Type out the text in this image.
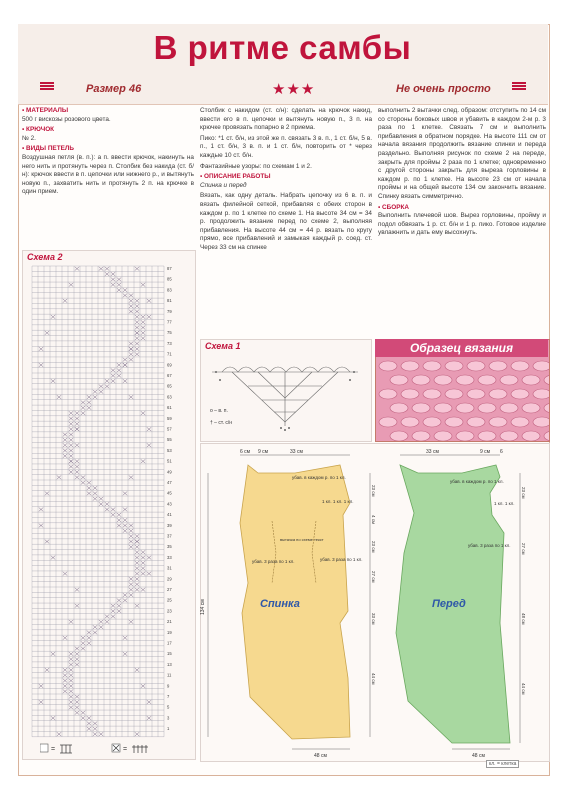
В ритме самбы
Размер 46	★★★	Не очень просто
▪ МАТЕРИАЛЫ
500 г вискозы розового цвета.
▪ КРЮЧОК
№ 2.
▪ ВИДЫ ПЕТЕЛЬ
Воздушная петля (в. п.): а п. ввести крючок, накинуть на него нить и протянуть через п. Столбик без накида (ст. б/н): крючок ввести в п. цепочки или нижнего р., и вытянуть новую п., захватить нить и протянуть 2 п. на крючке в один прием.
Столбик с накидом (ст. с/н): сделать на крючок накид, ввести его в п. цепочки и вытянуть новую п., 3 п. на крючке провязать попарно в 2 приема.
Пико: *1 ст. б/н, из этой же п. связать 3 в. п., 1 ст. б/н, 5 в. п., 1 ст. б/н, 3 в. п. и 1 ст. б/н, повторить от * через каждые 10 ст. б/н.
Фантазийные узоры: по схемам 1 и 2.
▪ ОПИСАНИЕ РАБОТЫ
Спинка и перед
Вязать, как одну деталь. Набрать цепочку из 6 в. п. и вязать филейной сеткой, прибавляя с обеих сторон в каждом р. по 1 клетке по схеме 1. На высоте 34 см = 34 р. продолжить вязание перед по схеме 2, выполняя прибавления. На высоте 44 см = 44 р. вязать по кругу прямо, все прибавлений и замыкая каждый р. соед. ст. Через 33 см на спинке
выполнить 2 вытачки след. образом: отступить по 14 см со стороны боковых швов и убавить в каждом 2-м р. 3 раза по 1 клетке. Связать 7 см и выполнить прибавления в обратном порядке. На высоте 111 см от начала вязания продолжить вязание спинки и переда раздельно. Выполняя рисунок по схеме 2 на переде, закрыть для проймы 2 раза по 1 клетке; одновременно с другой стороны закрыть для выреза горловины в каждом р. по 1 клетке. На высоте 23 см от начала проймы и на общей высоте 134 см закончить вязание. Спинку вязать симметрично.
▪ СБОРКА
Выполнить плечевой шов. Вырез горловины, пройму и подол обвязать 1 р. ст. б/н и 1 р. пико. Готовое изделие увлажнить и дать ему высохнуть.
Схема 2
87
85
83
81
79
77
75
73
71
69
67
65
63
61
59
57
55
53
51
49
47
45
43
41
39
37
35
33
31
29
27
25
23
21
19
17
15
13
11
9
7
5
3
1
=	=
Схема 1
о – в. п.
† – ст. с/н
Образец вязания
Спинка
6 см 9 см	33 см
убав. в каждом р. по 1 кл.
1 кл. 1 кл. 1 кл.
вытачка по схеме текст
убав. 3 раза по 1 кл.	убав. 3 раза по 1 кл.
134 см
23 см
4 см
23 см
27 см
33 см
44 см
48 см
Перед
33 см	9 см 6
убав. в каждом р. по 1 кл.
1 кл. 1 кл.
убав. 3 раза по 1 кл.
23 см
27 см
48 см
44 см
48 см
кл. = клетка
